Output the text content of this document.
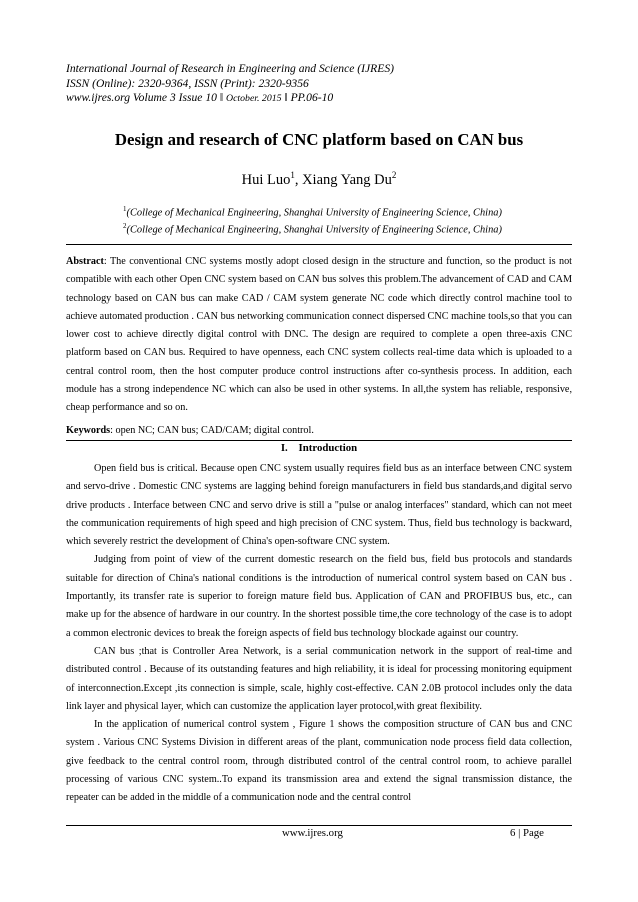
International Journal of Research in Engineering and Science (IJRES)
ISSN (Online): 2320-9364, ISSN (Print): 2320-9356
www.ijres.org Volume 3 Issue 10 ǁ October. 2015 ǁ PP.06-10
Design and research of CNC platform based on CAN bus
Hui Luo$^1$, Xiang Yang Du$^2$
$^1$(College of Mechanical Engineering, Shanghai University of Engineering Science, China)
$^2$(College of Mechanical Engineering, Shanghai University of Engineering Science, China)
Abstract: The conventional CNC systems mostly adopt closed design in the structure and function, so the product is not compatible with each other Open CNC system based on CAN bus solves this problem.The advancement of CAD and CAM technology based on CAN bus can make CAD / CAM system generate NC code which directly control machine tool to achieve automated production . CAN bus networking communication connect dispersed CNC machine tools,so that you can lower cost to achieve directly digital control with DNC. The design are required to complete a open three-axis CNC platform based on CAN bus. Required to have openness, each CNC system collects real-time data which is uploaded to a central control room, then the host computer produce control instructions after co-synthesis process. In addition, each module has a strong independence NC which can also be used in other systems. In all,the system has reliable, responsive, cheap performance and so on.
Keywords: open NC; CAN bus; CAD/CAM; digital control.
I. Introduction

Open field bus is critical. Because open CNC system usually requires field bus as an interface between CNC system and servo-drive . Domestic CNC systems are lagging behind foreign manufacturers in field bus standards,and digital servo drive products . Interface between CNC and servo drive is still a "pulse or analog interfaces" standard, which can not meet the communication requirements of high speed and high precision of CNC system. Thus, field bus technology is backward, which severely restrict the development of China's open-software CNC system.

Judging from point of view of the current domestic research on the field bus, field bus protocols and standards suitable for direction of China's national conditions is the introduction of numerical control system based on CAN bus . Importantly, its transfer rate is superior to foreign mature field bus. Application of CAN and PROFIBUS bus, etc., can make up for the absence of hardware in our country. In the shortest possible time,the core technology of the case is to adopt a common electronic devices to break the foreign aspects of field bus technology blockade against our country.

CAN bus ;that is Controller Area Network, is a serial communication network in the support of real-time and distributed control . Because of its outstanding features and high reliability, it is ideal for processing monitoring equipment of interconnection.Except ,its connection is simple, scale, highly cost-effective. CAN 2.0B protocol includes only the data link layer and physical layer, which can customize the application layer protocol,with great flexibility.

In the application of numerical control system , Figure 1 shows the composition structure of CAN bus and CNC system . Various CNC Systems Division in different areas of the plant, communication node process field data collection, give feedback to the central control room, through distributed control of the central control room, to achieve parallel processing of various CNC system..To expand its transmission area and extend the signal transmission distance, the repeater can be added in the middle of a communication node and the central control

www.ijres.org	6 | Page
